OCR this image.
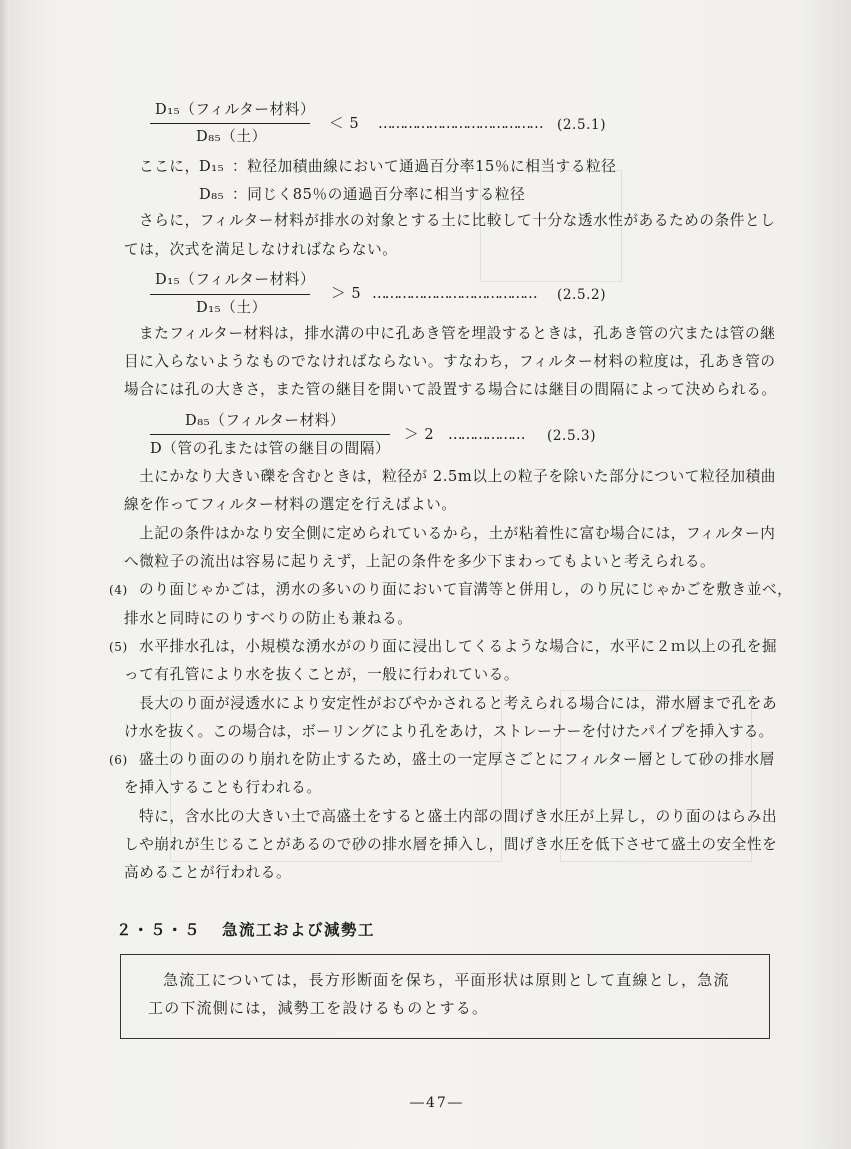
D₁₅（フィルター材料）
D₈₅（土）
＜ 5 ………………………………… (2.5.1)
ここに， D₁₅ ：粒径加積曲線において通過百分率15％に相当する粒径
D₈₅ ：同じく85％の通過百分率に相当する粒径
さらに，フィルター材料が排水の対象とする土に比較して十分な透水性があるための条件とし
ては，次式を満足しなければならない。
D₁₅（フィルター材料）
D₁₅（土）
＞ 5 ………………………………… (2.5.2)
またフィルター材料は，排水溝の中に孔あき管を埋設するときは，孔あき管の穴または管の継
目に入らないようなものでなければならない。すなわち，フィルター材料の粒度は，孔あき管の
場合には孔の大きさ，また管の継目を開いて設置する場合には継目の間隔によって決められる。
D₈₅（フィルター材料）
D（管の孔または管の継目の間隔）
＞ 2 ……………… (2.5.3)
土にかなり大きい礫を含むときは，粒径が 2.5m以上の粒子を除いた部分について粒径加積曲
線を作ってフィルター材料の選定を行えばよい。
上記の条件はかなり安全側に定められているから，土が粘着性に富む場合には，フィルター内
へ微粒子の流出は容易に起りえず，上記の条件を多少下まわってもよいと考えられる。
(4) のり面じゃかごは，湧水の多いのり面において盲溝等と併用し，のり尻にじゃかごを敷き並べ，
排水と同時にのりすべりの防止も兼ねる。
(5) 水平排水孔は，小規模な湧水がのり面に浸出してくるような場合に，水平に２ｍ以上の孔を掘
って有孔管により水を抜くことが，一般に行われている。
長大のり面が浸透水により安定性がおびやかされると考えられる場合には，滞水層まで孔をあ
け水を抜く。この場合は，ボーリングにより孔をあけ，ストレーナーを付けたパイプを挿入する。
(6) 盛土のり面ののり崩れを防止するため，盛土の一定厚さごとにフィルター層として砂の排水層
を挿入することも行われる。
特に，含水比の大きい土で高盛土をすると盛土内部の間げき水圧が上昇し，のり面のはらみ出
しや崩れが生じることがあるので砂の排水層を挿入し，間げき水圧を低下させて盛土の安全性を
高めることが行われる。
２・５・５ 急流工および減勢工
急流工については，長方形断面を保ち，平面形状は原則として直線とし，急流
工の下流側には，減勢工を設けるものとする。
―47―
